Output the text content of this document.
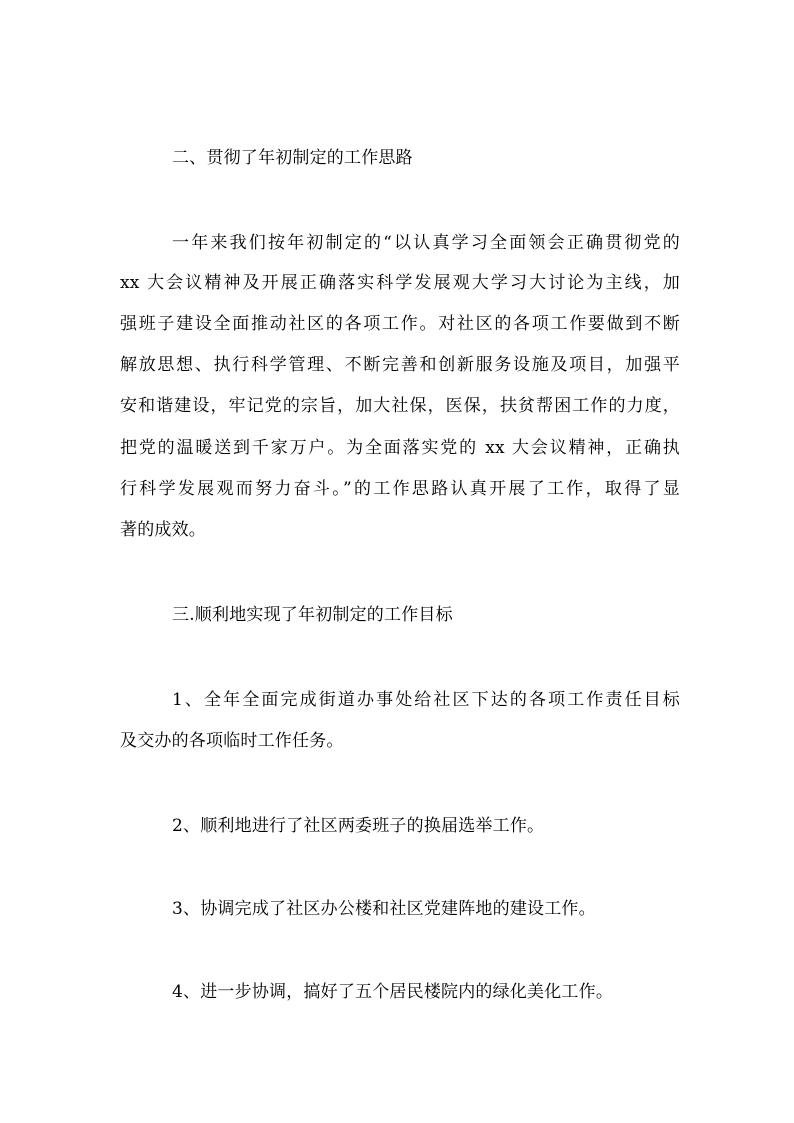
二、贯彻了年初制定的工作思路
一年来我们按年初制定的“以认真学习全面领会正确贯彻党的
xx 大会议精神及开展正确落实科学发展观大学习大讨论为主线，加
强班子建设全面推动社区的各项工作。对社区的各项工作要做到不断
解放思想、执行科学管理、不断完善和创新服务设施及项目，加强平
安和谐建设，牢记党的宗旨，加大社保，医保，扶贫帮困工作的力度，
把党的温暖送到千家万户。为全面落实党的 xx 大会议精神，正确执
行科学发展观而努力奋斗。”的工作思路认真开展了工作，取得了显
著的成效。
三.顺利地实现了年初制定的工作目标
1、全年全面完成街道办事处给社区下达的各项工作责任目标
及交办的各项临时工作任务。
2、顺利地进行了社区两委班子的换届选举工作。
3、协调完成了社区办公楼和社区党建阵地的建设工作。
4、进一步协调，搞好了五个居民楼院内的绿化美化工作。
